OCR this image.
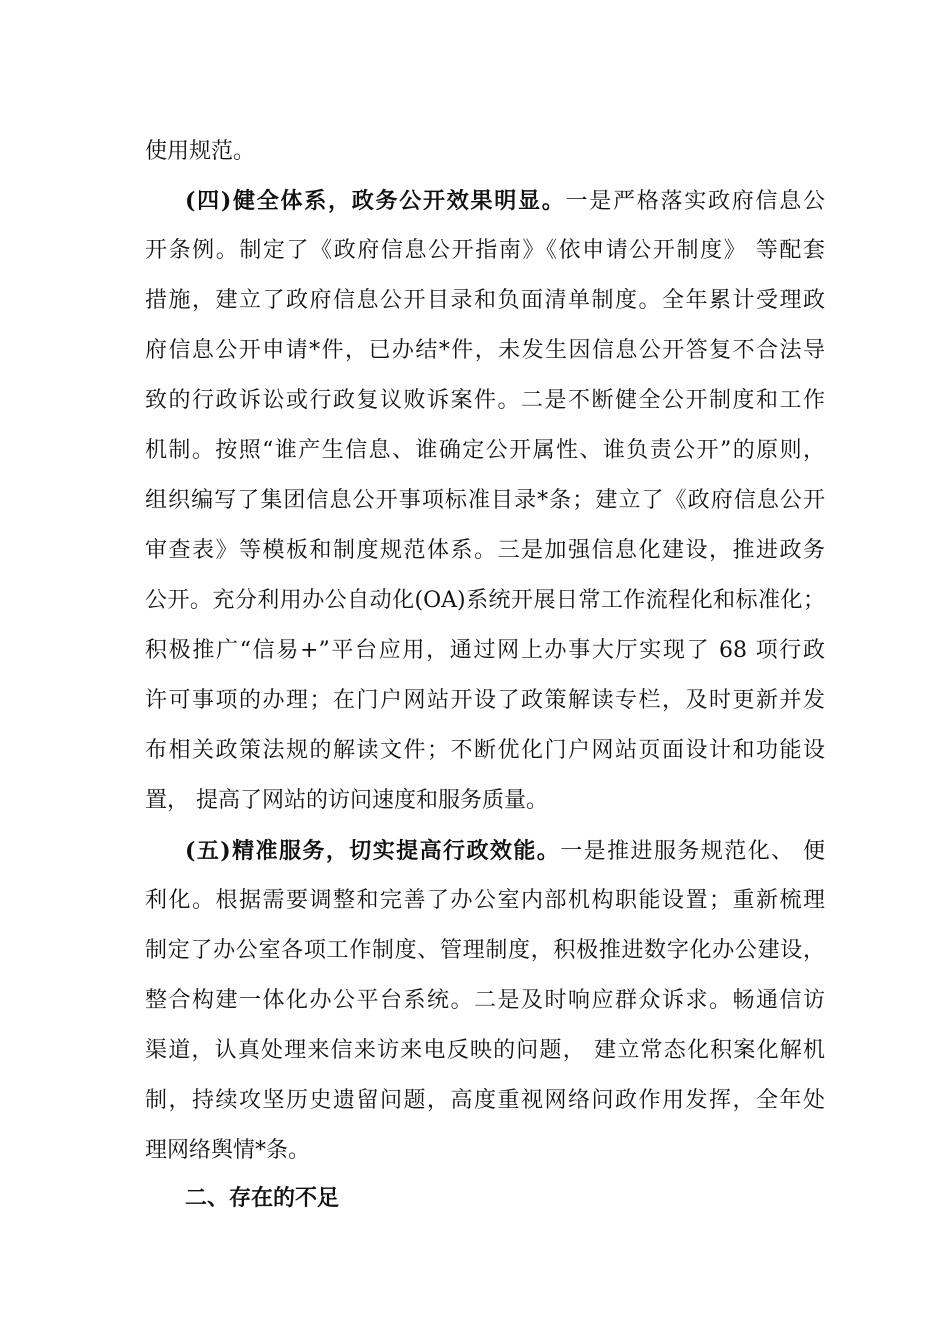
使用规范。
(四)健全体系，政务公开效果明显。一是严格落实政府信息公
开条例。制定了《政府信息公开指南》《依申请公开制度》 等配套
措施，建立了政府信息公开目录和负面清单制度。全年累计受理政
府信息公开申请*件，已办结*件，未发生因信息公开答复不合法导
致的行政诉讼或行政复议败诉案件。二是不断健全公开制度和工作
机制。按照“谁产生信息、谁确定公开属性、谁负责公开”的原则，
组织编写了集团信息公开事项标准目录*条；建立了《政府信息公开
审查表》等模板和制度规范体系。三是加强信息化建设，推进政务
公开。充分利用办公自动化(OA)系统开展日常工作流程化和标准化；
积极推广“信易+”平台应用，通过网上办事大厅实现了 68 项行政
许可事项的办理；在门户网站开设了政策解读专栏，及时更新并发
布相关政策法规的解读文件；不断优化门户网站页面设计和功能设
置， 提高了网站的访问速度和服务质量。
(五)精准服务，切实提高行政效能。一是推进服务规范化、 便
利化。根据需要调整和完善了办公室内部机构职能设置；重新梳理
制定了办公室各项工作制度、管理制度，积极推进数字化办公建设，
整合构建一体化办公平台系统。二是及时响应群众诉求。畅通信访
渠道，认真处理来信来访来电反映的问题， 建立常态化积案化解机
制，持续攻坚历史遗留问题，高度重视网络问政作用发挥，全年处
理网络舆情*条。
二、存在的不足
